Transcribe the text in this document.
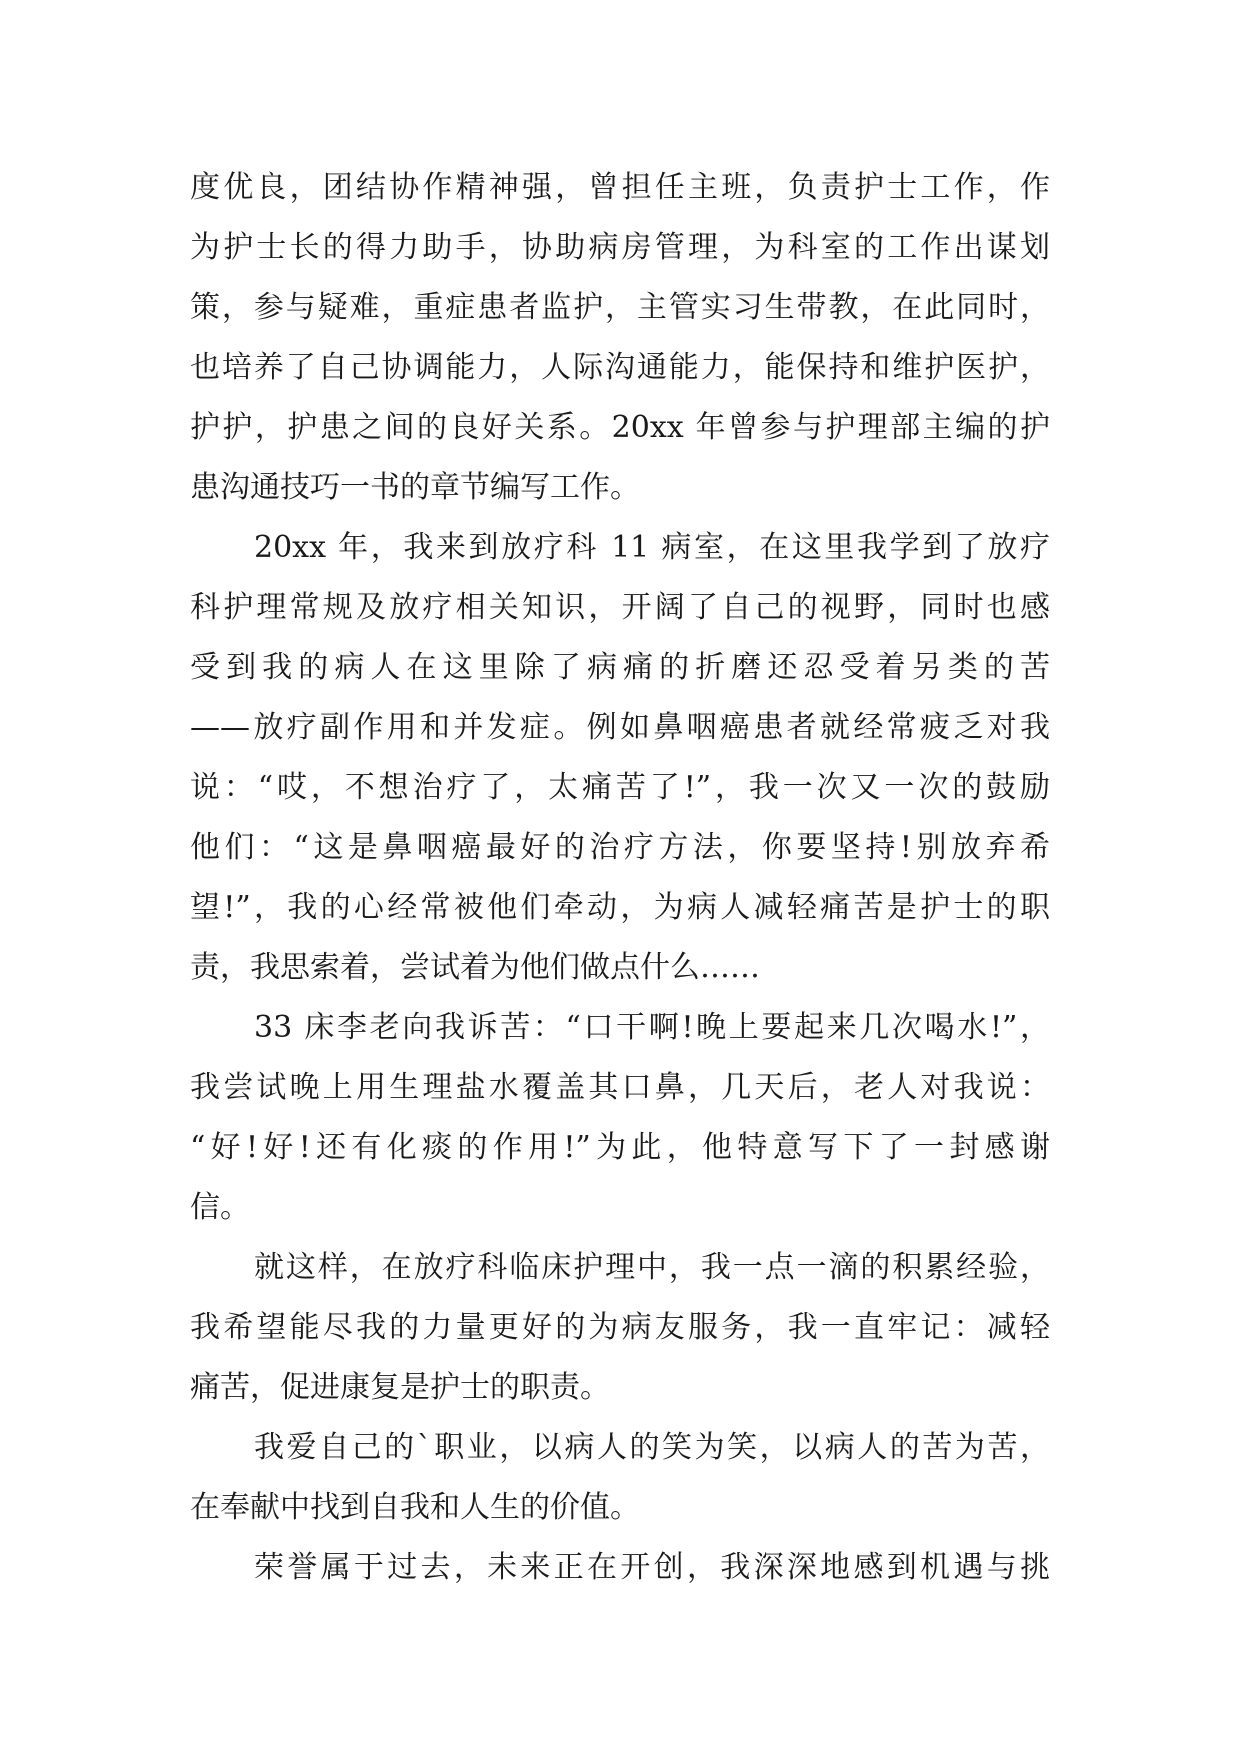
度优良，团结协作精神强，曾担任主班，负责护士工作，作
为护士长的得力助手，协助病房管理，为科室的工作出谋划
策，参与疑难，重症患者监护，主管实习生带教，在此同时，
也培养了自己协调能力，人际沟通能力，能保持和维护医护，
护护，护患之间的良好关系。20xx 年曾参与护理部主编的护
患沟通技巧一书的章节编写工作。
20xx 年，我来到放疗科 11 病室，在这里我学到了放疗
科护理常规及放疗相关知识，开阔了自己的视野，同时也感
受到我的病人在这里除了病痛的折磨还忍受着另类的苦
——放疗副作用和并发症。例如鼻咽癌患者就经常疲乏对我
说：“哎，不想治疗了，太痛苦了!”，我一次又一次的鼓励
他们：“这是鼻咽癌最好的治疗方法，你要坚持!别放弃希
望!”，我的心经常被他们牵动，为病人减轻痛苦是护士的职
责，我思索着，尝试着为他们做点什么……
33 床李老向我诉苦：“口干啊!晚上要起来几次喝水!”，
我尝试晚上用生理盐水覆盖其口鼻，几天后，老人对我说：
“好!好!还有化痰的作用!”为此，他特意写下了一封感谢
信。
就这样，在放疗科临床护理中，我一点一滴的积累经验，
我希望能尽我的力量更好的为病友服务，我一直牢记：减轻
痛苦，促进康复是护士的职责。
我爱自己的`职业，以病人的笑为笑，以病人的苦为苦，
在奉献中找到自我和人生的价值。
荣誉属于过去，未来正在开创，我深深地感到机遇与挑
